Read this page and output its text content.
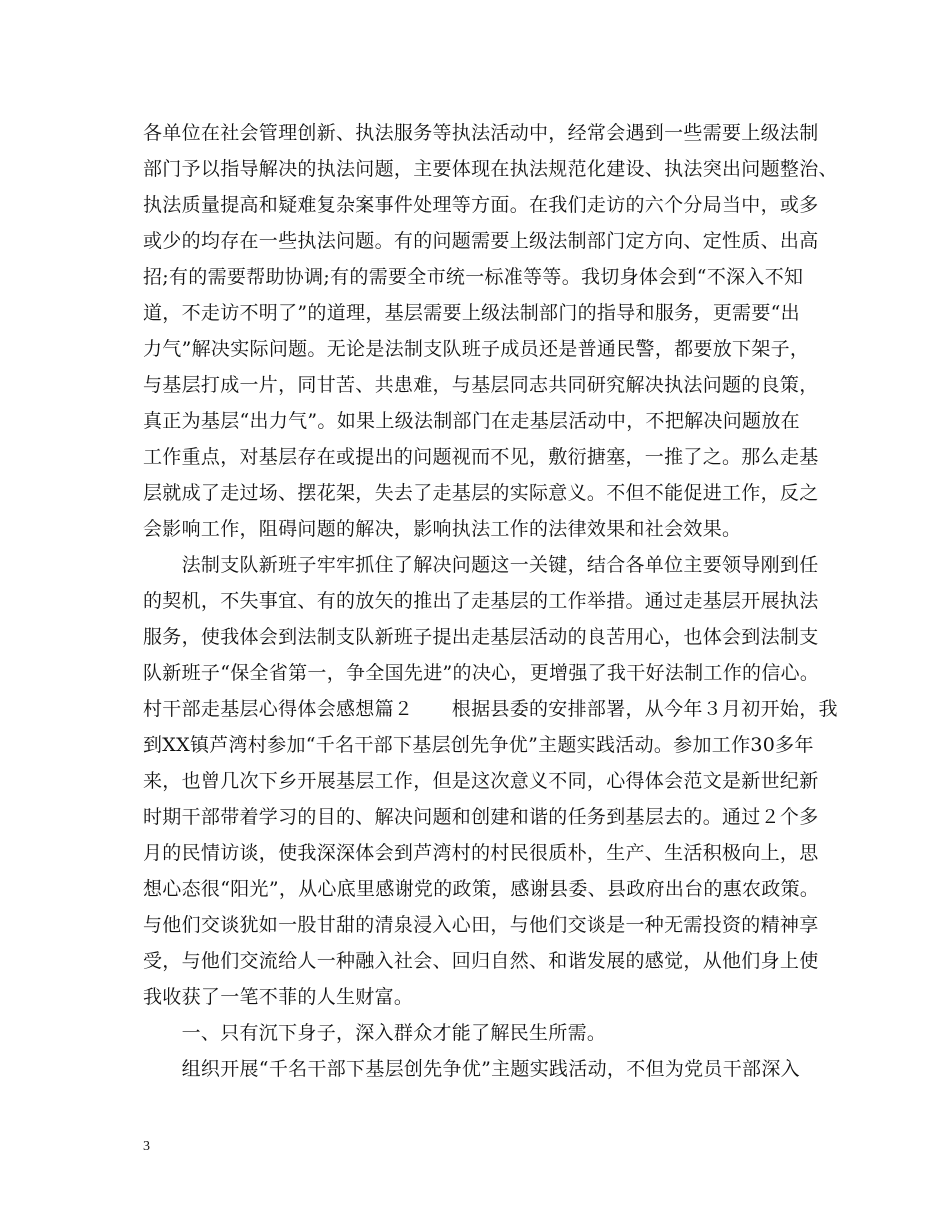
各单位在社会管理创新、执法服务等执法活动中，经常会遇到一些需要上级法制
部门予以指导解决的执法问题，主要体现在执法规范化建设、执法突出问题整治、
执法质量提高和疑难复杂案事件处理等方面。在我们走访的六个分局当中，或多
或少的均存在一些执法问题。有的问题需要上级法制部门定方向、定性质、出高
招;有的需要帮助协调;有的需要全市统一标准等等。我切身体会到“不深入不知
道，不走访不明了”的道理，基层需要上级法制部门的指导和服务，更需要“出
力气”解决实际问题。无论是法制支队班子成员还是普通民警，都要放下架子，
与基层打成一片，同甘苦、共患难，与基层同志共同研究解决执法问题的良策，
真正为基层“出力气”。如果上级法制部门在走基层活动中，不把解决问题放在
工作重点，对基层存在或提出的问题视而不见，敷衍搪塞，一推了之。那么走基
层就成了走过场、摆花架，失去了走基层的实际意义。不但不能促进工作，反之
会影响工作，阻碍问题的解决，影响执法工作的法律效果和社会效果。
　　法制支队新班子牢牢抓住了解决问题这一关键，结合各单位主要领导刚到任
的契机，不失事宜、有的放矢的推出了走基层的工作举措。通过走基层开展执法
服务，使我体会到法制支队新班子提出走基层活动的良苦用心，也体会到法制支
队新班子“保全省第一，争全国先进”的决心，更增强了我干好法制工作的信心。
村干部走基层心得体会感想篇２　　根据县委的安排部署，从今年３月初开始，我
到XX镇芦湾村参加“千名干部下基层创先争优”主题实践活动。参加工作30多年
来，也曾几次下乡开展基层工作，但是这次意义不同，心得体会范文是新世纪新
时期干部带着学习的目的、解决问题和创建和谐的任务到基层去的。通过２个多
月的民情访谈，使我深深体会到芦湾村的村民很质朴，生产、生活积极向上，思
想心态很“阳光”，从心底里感谢党的政策，感谢县委、县政府出台的惠农政策。
与他们交谈犹如一股甘甜的清泉浸入心田，与他们交谈是一种无需投资的精神享
受，与他们交流给人一种融入社会、回归自然、和谐发展的感觉，从他们身上使
我收获了一笔不菲的人生财富。
　　一、只有沉下身子，深入群众才能了解民生所需。
　　组织开展“千名干部下基层创先争优”主题实践活动，不但为党员干部深入
3
